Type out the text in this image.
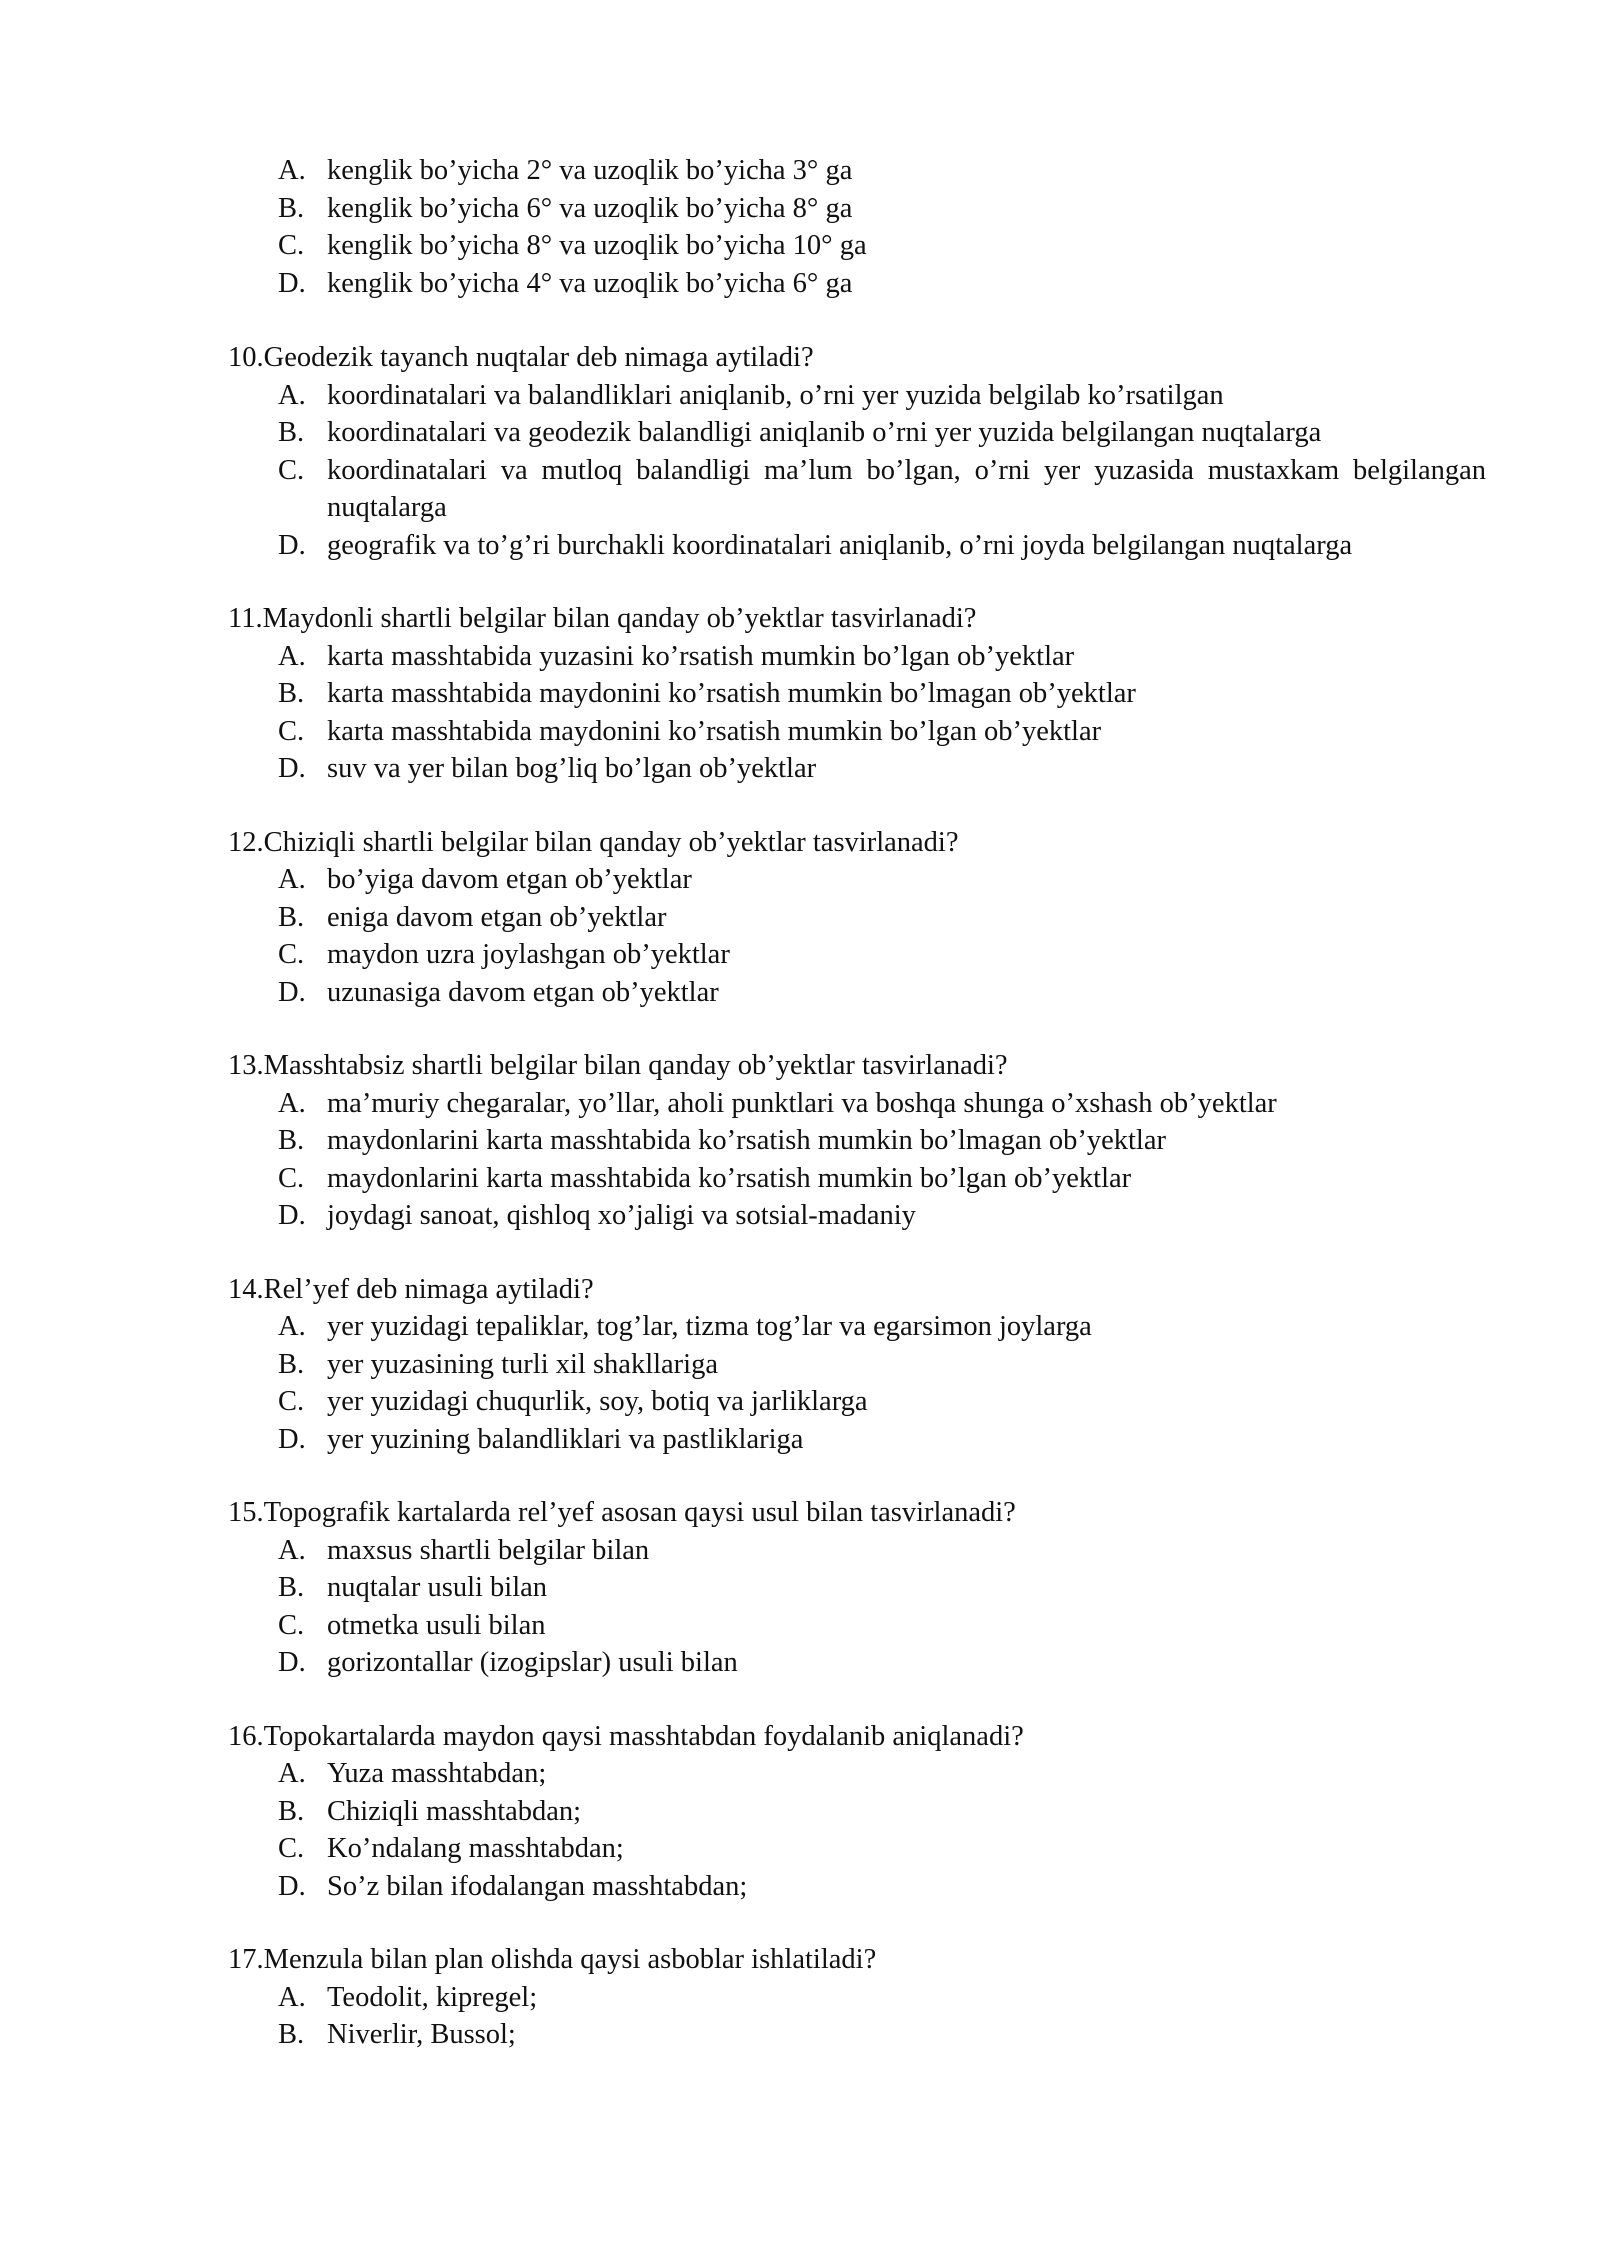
A. kenglik bo’yicha 2° va uzoqlik bo’yicha 3° ga
B. kenglik bo’yicha 6° va uzoqlik bo’yicha 8° ga
C. kenglik bo’yicha 8° va uzoqlik bo’yicha 10° ga
D. kenglik bo’yicha 4° va uzoqlik bo’yicha 6° ga
10.Geodezik tayanch nuqtalar deb nimaga aytiladi?
A. koordinatalari va balandliklari aniqlanib, o’rni yer yuzida belgilab ko’rsatilgan
B. koordinatalari va geodezik balandligi aniqlanib o’rni yer yuzida belgilangan nuqtalarga
C. koordinatalari va mutloq balandligi ma’lum bo’lgan, o’rni yer yuzasida mustaxkam belgilangan nuqtalarga
D. geografik va to’g’ri burchakli koordinatalari aniqlanib, o’rni joyda belgilangan nuqtalarga
11.Maydonli shartli belgilar bilan qanday ob’yektlar tasvirlanadi?
A. karta masshtabida yuzasini ko’rsatish mumkin bo’lgan ob’yektlar
B. karta masshtabida maydonini ko’rsatish mumkin bo’lmagan ob’yektlar
C. karta masshtabida maydonini ko’rsatish mumkin bo’lgan ob’yektlar
D. suv va yer bilan bog’liq bo’lgan ob’yektlar
12.Chiziqli shartli belgilar bilan qanday ob’yektlar tasvirlanadi?
A. bo’yiga davom etgan ob’yektlar
B. eniga davom etgan ob’yektlar
C. maydon uzra joylashgan ob’yektlar
D. uzunasiga davom etgan ob’yektlar
13.Masshtabsiz shartli belgilar bilan qanday ob’yektlar tasvirlanadi?
A. ma’muriy chegaralar, yo’llar, aholi punktlari va boshqa shunga o’xshash ob’yektlar
B. maydonlarini karta masshtabida ko’rsatish mumkin bo’lmagan ob’yektlar
C. maydonlarini karta masshtabida ko’rsatish mumkin bo’lgan ob’yektlar
D. joydagi sanoat, qishloq xo’jaligi va sotsial-madaniy
14.Rel’yef deb nimaga aytiladi?
A. yer yuzidagi tepaliklar, tog’lar, tizma tog’lar va egarsimon joylarga
B. yer yuzasining turli xil shakllariga
C. yer yuzidagi chuqurlik, soy, botiq va jarliklarga
D. yer yuzining balandliklari va pastliklariga
15.Topografik kartalarda rel’yef asosan qaysi usul bilan tasvirlanadi?
A. maxsus shartli belgilar bilan
B. nuqtalar usuli bilan
C. otmetka usuli bilan
D. gorizontallar (izogipslar) usuli bilan
16.Topokartalarda maydon qaysi masshtabdan foydalanib aniqlanadi?
A. Yuza masshtabdan;
B. Chiziqli masshtabdan;
C. Ko’ndalang masshtabdan;
D. So’z bilan ifodalangan masshtabdan;
17.Menzula bilan plan olishda qaysi asboblar ishlatiladi?
A. Teodolit, kipregel;
B. Niverlir, Bussol;
